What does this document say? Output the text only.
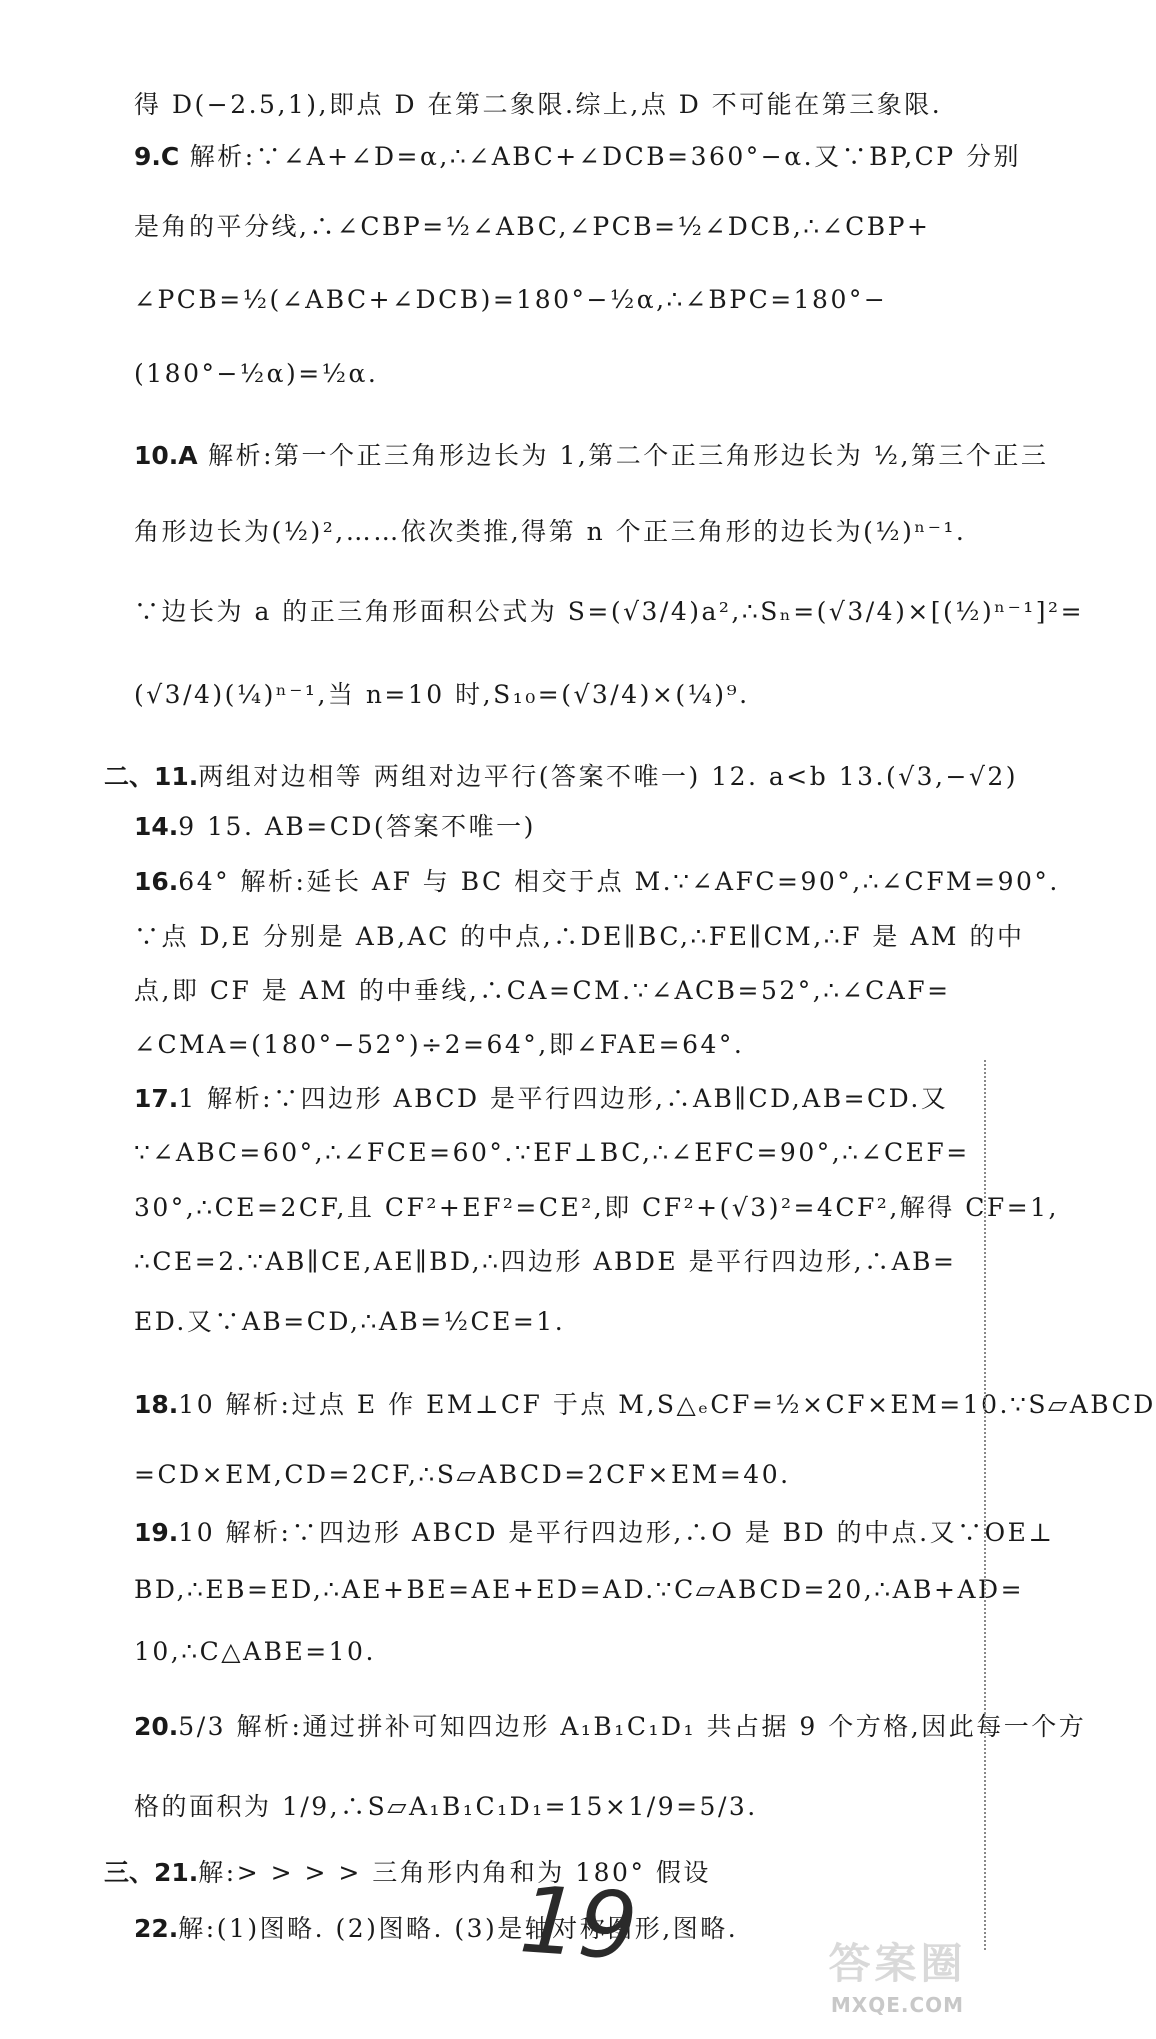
得 D(−2.5,1),即点 D 在第二象限.综上,点 D 不可能在第三象限.
9.C 解析:∵∠A+∠D=α,∴∠ABC+∠DCB=360°−α.又∵BP,CP 分别
是角的平分线,∴∠CBP=½∠ABC,∠PCB=½∠DCB,∴∠CBP+
∠PCB=½(∠ABC+∠DCB)=180°−½α,∴∠BPC=180°−
(180°−½α)=½α.
10.A 解析:第一个正三角形边长为 1,第二个正三角形边长为 ½,第三个正三
角形边长为(½)²,……依次类推,得第 n 个正三角形的边长为(½)ⁿ⁻¹.
∵边长为 a 的正三角形面积公式为 S=(√3/4)a²,∴Sₙ=(√3/4)×[(½)ⁿ⁻¹]²=
(√3/4)(¼)ⁿ⁻¹,当 n=10 时,S₁₀=(√3/4)×(¼)⁹.
二、11.两组对边相等 两组对边平行(答案不唯一) 12. a<b 13.(√3,−√2)
14.9 15. AB=CD(答案不唯一)
16.64° 解析:延长 AF 与 BC 相交于点 M.∵∠AFC=90°,∴∠CFM=90°.
∵点 D,E 分别是 AB,AC 的中点,∴DE∥BC,∴FE∥CM,∴F 是 AM 的中
点,即 CF 是 AM 的中垂线,∴CA=CM.∵∠ACB=52°,∴∠CAF=
∠CMA=(180°−52°)÷2=64°,即∠FAE=64°.
17.1 解析:∵四边形 ABCD 是平行四边形,∴AB∥CD,AB=CD.又
∵∠ABC=60°,∴∠FCE=60°.∵EF⊥BC,∴∠EFC=90°,∴∠CEF=
30°,∴CE=2CF,且 CF²+EF²=CE²,即 CF²+(√3)²=4CF²,解得 CF=1,
∴CE=2.∵AB∥CE,AE∥BD,∴四边形 ABDE 是平行四边形,∴AB=
ED.又∵AB=CD,∴AB=½CE=1.
18.10 解析:过点 E 作 EM⊥CF 于点 M,S△ₑCF=½×CF×EM=10.∵S▱ABCD
=CD×EM,CD=2CF,∴S▱ABCD=2CF×EM=40.
19.10 解析:∵四边形 ABCD 是平行四边形,∴O 是 BD 的中点.又∵OE⊥
BD,∴EB=ED,∴AE+BE=AE+ED=AD.∵C▱ABCD=20,∴AB+AD=
10,∴C△ABE=10.
20.5/3 解析:通过拼补可知四边形 A₁B₁C₁D₁ 共占据 9 个方格,因此每一个方
格的面积为 1/9,∴S▱A₁B₁C₁D₁=15×1/9=5/3.
三、21.解:> > > > 三角形内角和为 180° 假设
22.解:(1)图略. (2)图略. (3)是轴对称图形,图略.
19	答案圈
MXQE.COM
